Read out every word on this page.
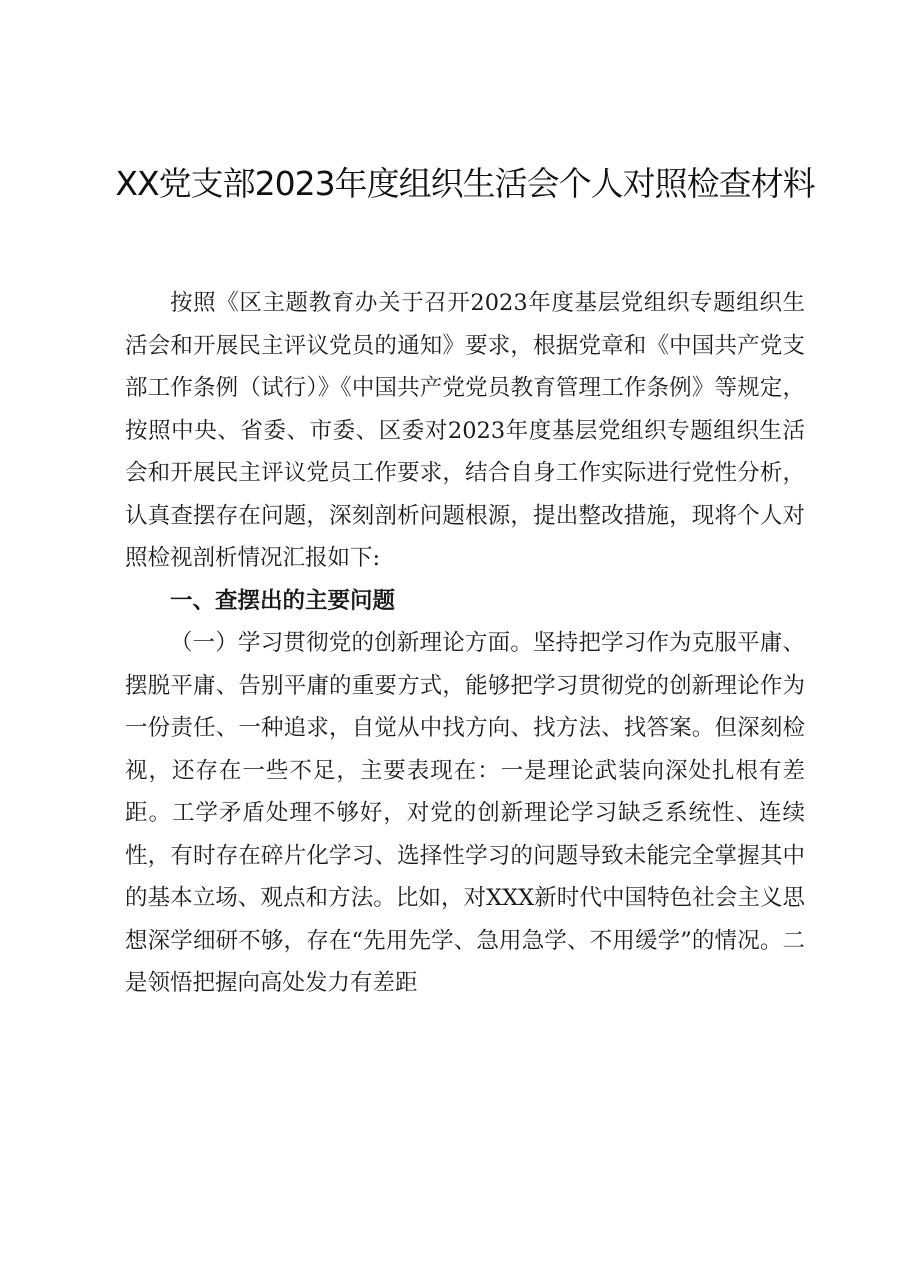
XX党支部2023年度组织生活会个人对照检查材料

按照《区主题教育办关于召开2023年度基层党组织专题组织生活会和开展民主评议党员的通知》要求，根据党章和《中国共产党支部工作条例（试行）》《中国共产党党员教育管理工作条例》等规定，按照中央、省委、市委、区委对2023年度基层党组织专题组织生活会和开展民主评议党员工作要求，结合自身工作实际进行党性分析，认真查摆存在问题，深刻剖析问题根源，提出整改措施，现将个人对照检视剖析情况汇报如下:

一、查摆出的主要问题

（一）学习贯彻党的创新理论方面。坚持把学习作为克服平庸、摆脱平庸、告别平庸的重要方式，能够把学习贯彻党的创新理论作为一份责任、一种追求，自觉从中找方向、找方法、找答案。但深刻检视，还存在一些不足，主要表现在：一是理论武装向深处扎根有差距。工学矛盾处理不够好，对党的创新理论学习缺乏系统性、连续性，有时存在碎片化学习、选择性学习的问题导致未能完全掌握其中的基本立场、观点和方法。比如，对XXX新时代中国特色社会主义思想深学细研不够，存在“先用先学、急用急学、不用缓学”的情况。二是领悟把握向高处发力有差距
